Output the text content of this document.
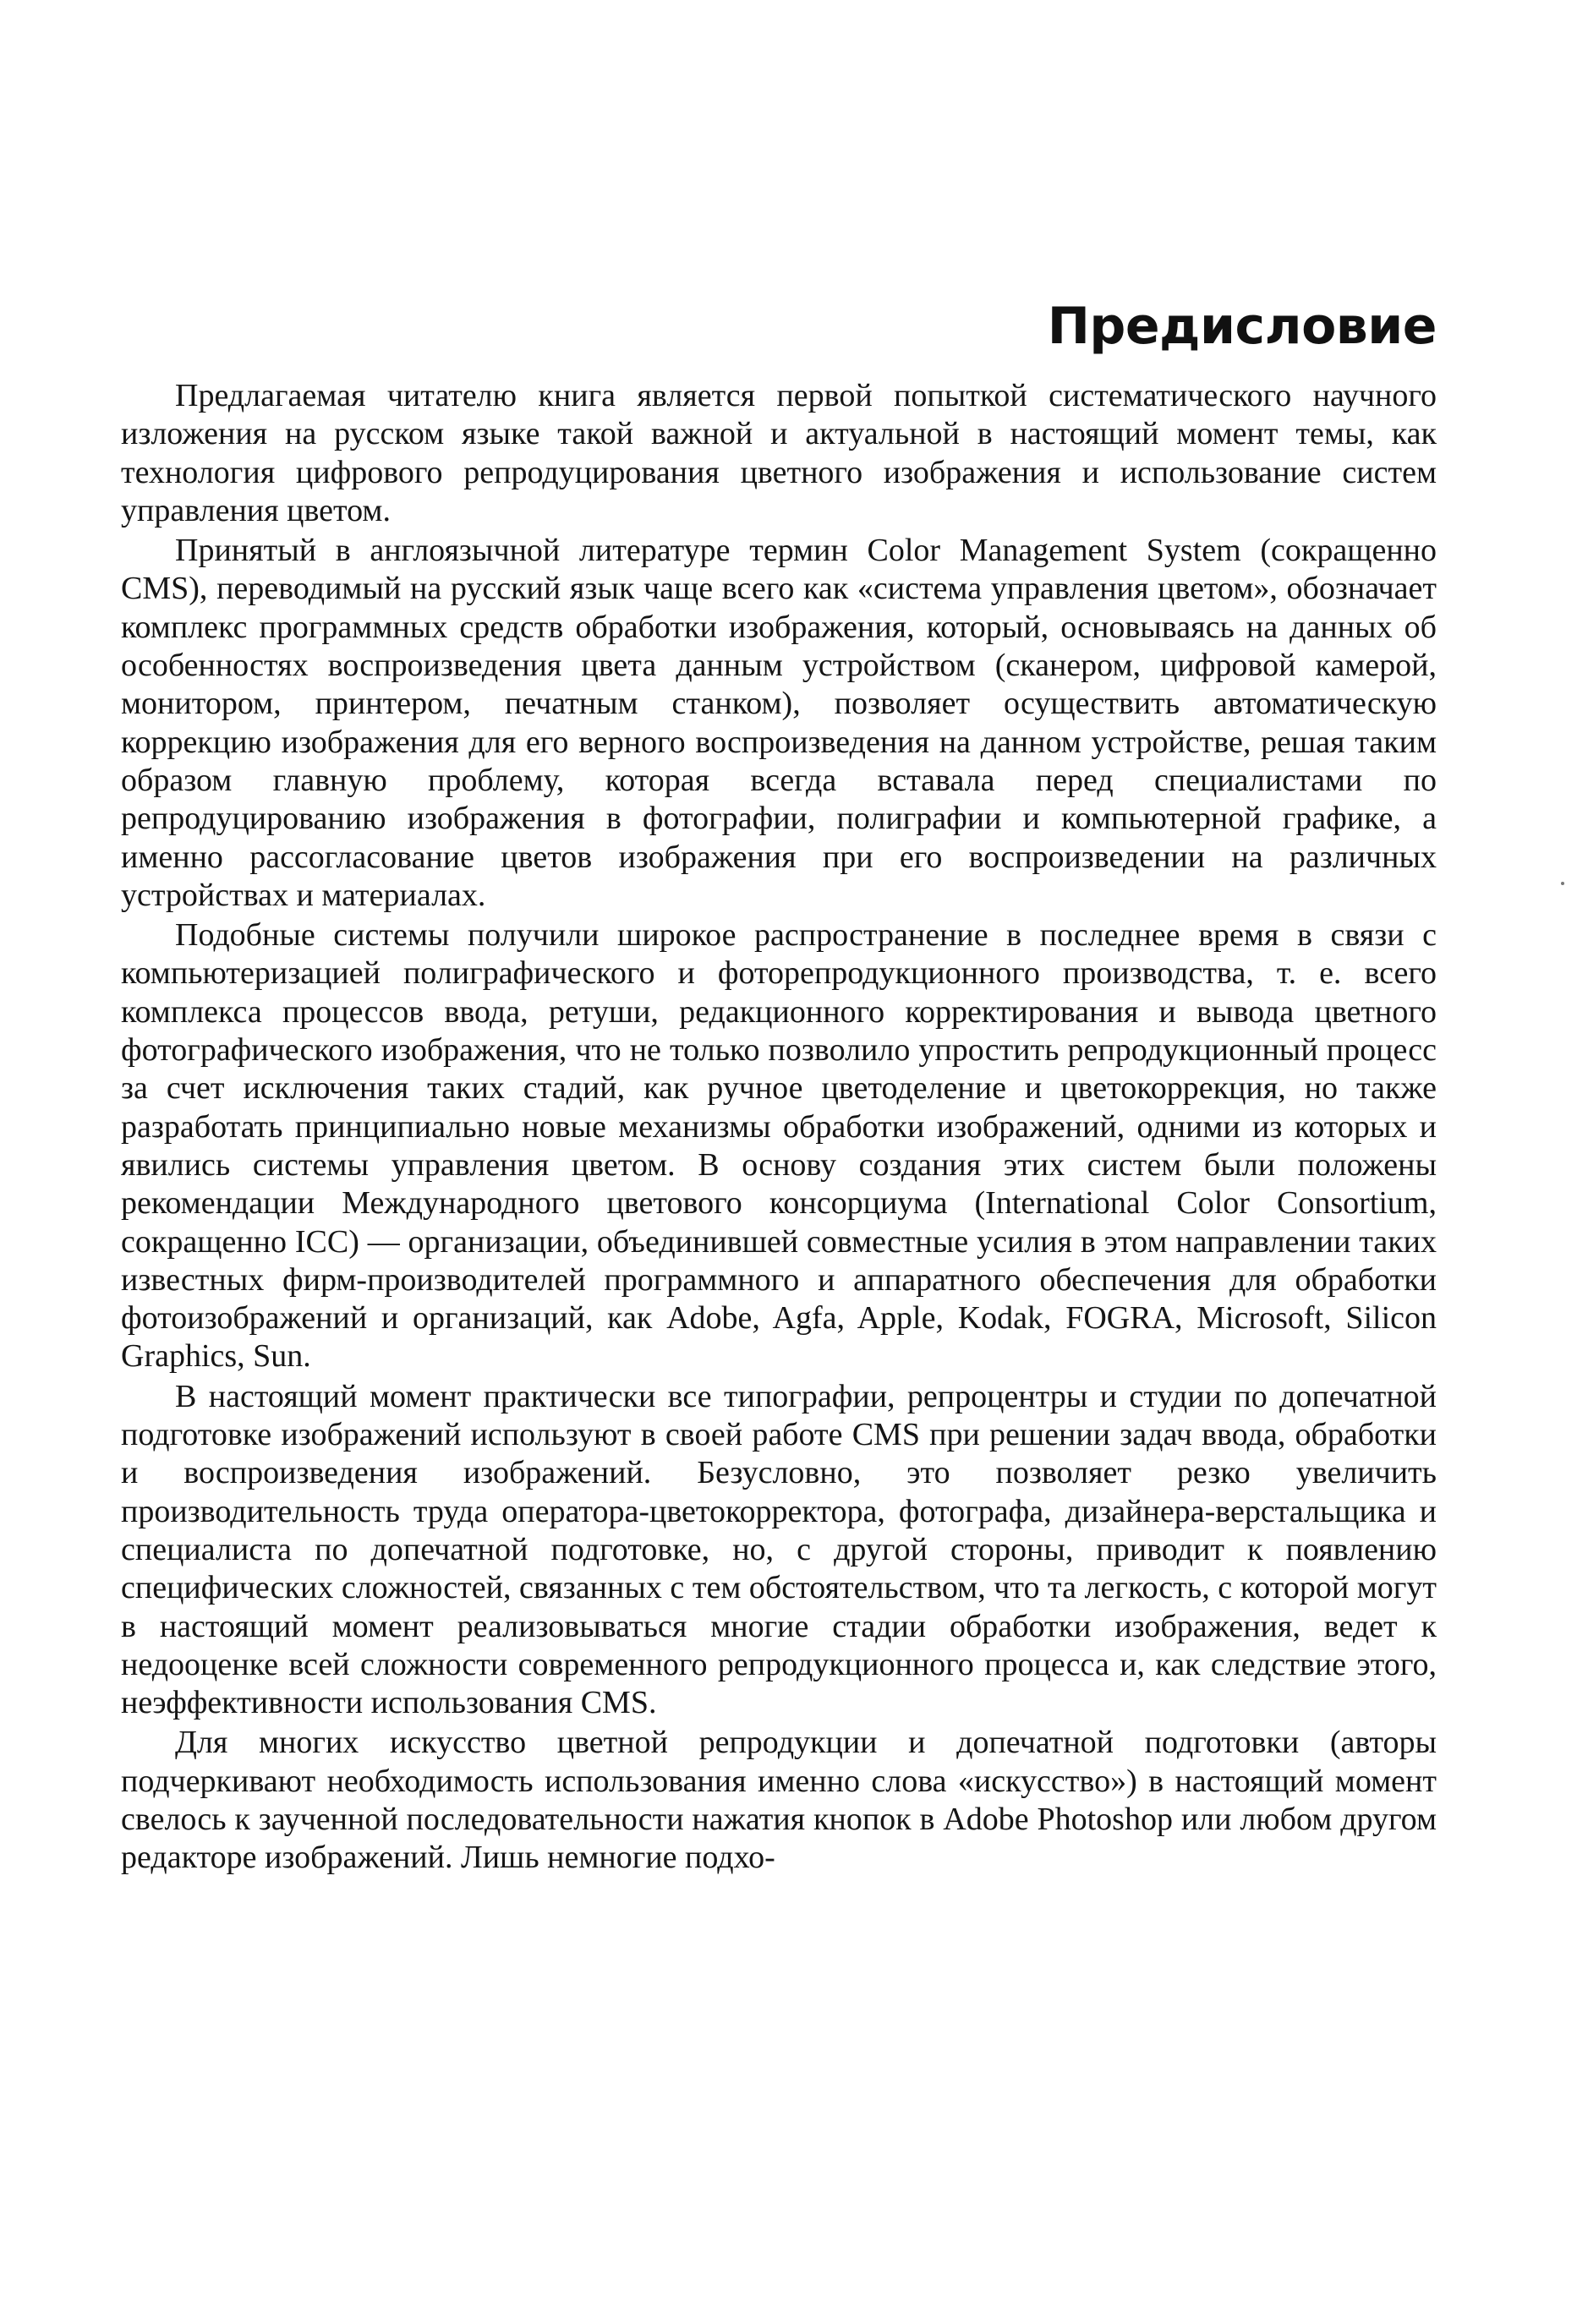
Предисловие

Предлагаемая читателю книга является первой попыткой систематического научного изложения на русском языке такой важной и актуальной в настоящий момент темы, как технология цифрового репродуцирования цветного изображения и использование систем управления цветом.

Принятый в англоязычной литературе термин Color Management System (сокращенно CMS), переводимый на русский язык чаще всего как «система управления цветом», обозначает комплекс программных средств обработки изображения, который, основываясь на данных об особенностях воспроизведения цвета данным устройством (сканером, цифровой камерой, монитором, принтером, печатным станком), позволяет осуществить автоматическую коррекцию изображения для его верного воспроизведения на данном устройстве, решая таким образом главную проблему, которая всегда вставала перед специалистами по репродуцированию изображения в фотографии, полиграфии и компьютерной графике, а именно рассогласование цветов изображения при его воспроизведении на различных устройствах и материалах.

Подобные системы получили широкое распространение в последнее время в связи с компьютеризацией полиграфического и фоторепродукционного производства, т. е. всего комплекса процессов ввода, ретуши, редакционного корректирования и вывода цветного фотографического изображения, что не только позволило упростить репродукционный процесс за счет исключения таких стадий, как ручное цветоделение и цветокоррекция, но также разработать принципиально новые механизмы обработки изображений, одними из которых и явились системы управления цветом. В основу создания этих систем были положены рекомендации Международного цветового консорциума (International Color Consortium, сокращенно ICC) — организации, объединившей совместные усилия в этом направлении таких известных фирм-производителей программного и аппаратного обеспечения для обработки фотоизображений и организаций, как Adobe, Agfa, Apple, Kodak, FOGRA, Microsoft, Silicon Graphics, Sun.

В настоящий момент практически все типографии, репроцентры и студии по допечатной подготовке изображений используют в своей работе CMS при решении задач ввода, обработки и воспроизведения изображений. Безусловно, это позволяет резко увеличить производительность труда оператора-цветокорректора, фотографа, дизайнера-верстальщика и специалиста по допечатной подготовке, но, с другой стороны, приводит к появлению специфических сложностей, связанных с тем обстоятельством, что та легкость, с которой могут в настоящий момент реализовываться многие стадии обработки изображения, ведет к недооценке всей сложности современного репродукционного процесса и, как следствие этого, неэффективности использования CMS.

Для многих искусство цветной репродукции и допечатной подготовки (авторы подчеркивают необходимость использования именно слова «искусство») в настоящий момент свелось к заученной последовательности нажатия кнопок в Adobe Photoshop или любом другом редакторе изображений. Лишь немногие подхо-
